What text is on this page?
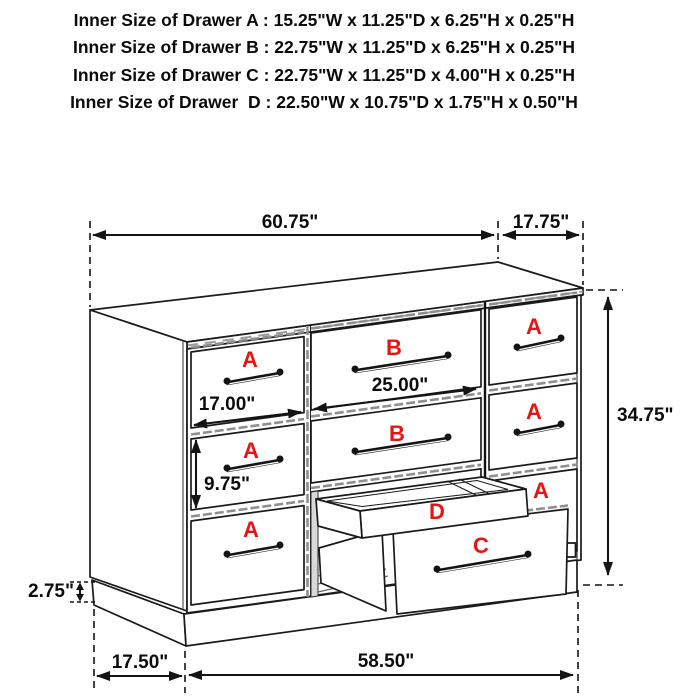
Inner Size of Drawer A : 15.25"W x 11.25"D x 6.25"H x 0.25"H
Inner Size of Drawer B : 22.75"W x 11.25"D x 6.25"H x 0.25"H
Inner Size of Drawer C : 22.75"W x 11.25"D x 4.00"H x 0.25"H
Inner Size of Drawer  D : 22.50"W x 10.75"D x 1.75"H x 0.50"H
A
A
A
B
B
A
A
A
C
D
60.75"	17.75"
34.75"
17.00"
25.00"
9.75"
2.75"
17.50"	58.50"
